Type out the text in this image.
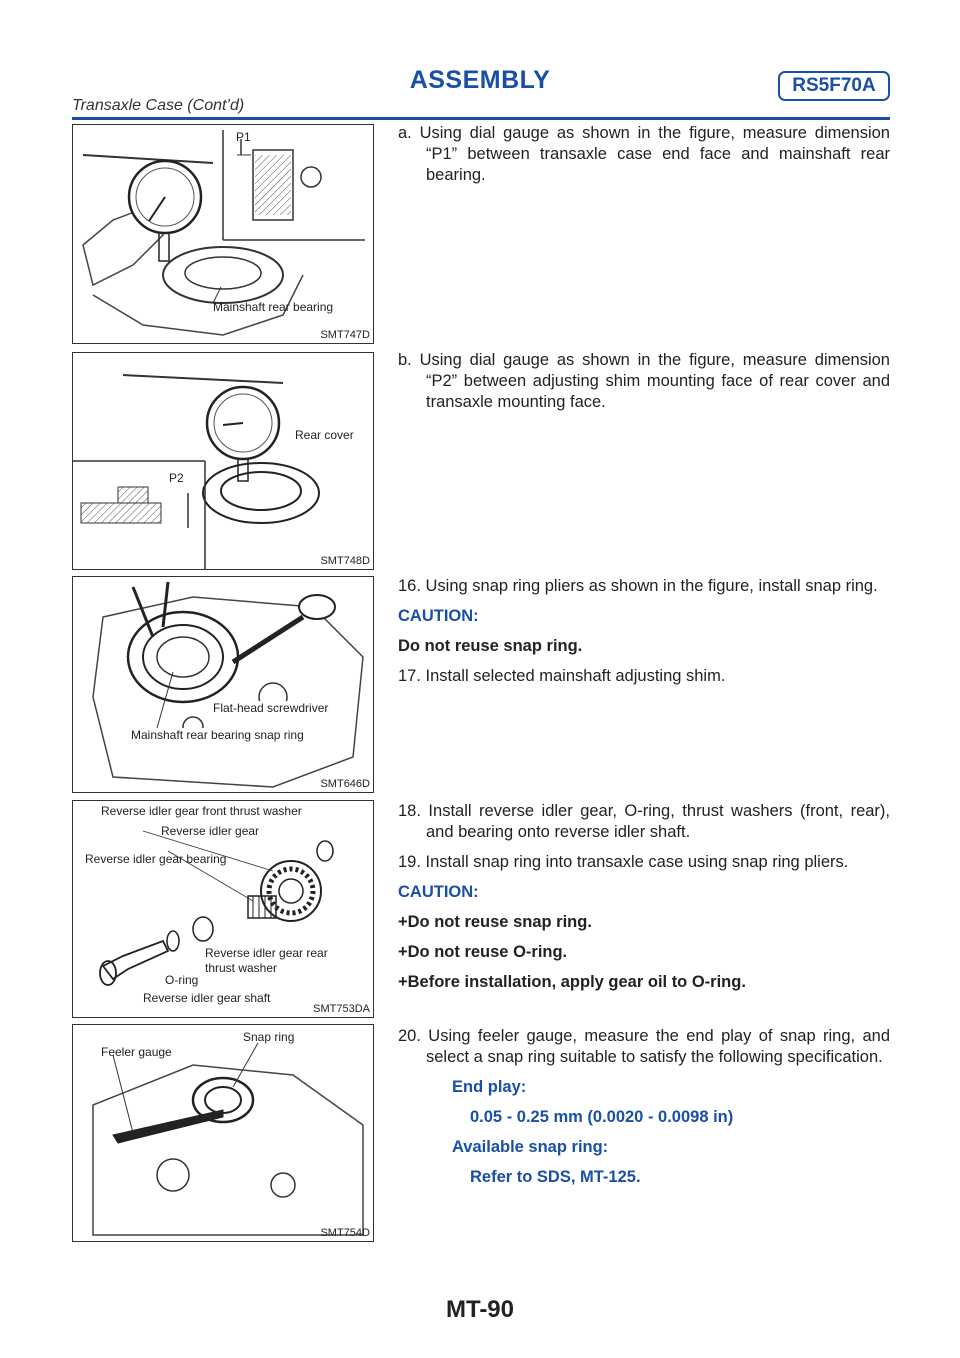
ASSEMBLY	RS5F70A
Transaxle Case (Cont’d)
P1
Mainshaft rear bearing
SMT747D
Rear cover
P2
SMT748D
Flat-head screwdriver
Mainshaft rear bearing snap ring
SMT646D
Reverse idler gear front thrust washer
Reverse idler gear
Reverse idler gear bearing
Reverse idler gear rear
thrust washer
O-ring
Reverse idler gear shaft
SMT753DA
Snap ring
Feeler gauge
SMT754D

a. Using dial gauge as shown in the figure, measure dimension “P1” between transaxle case end face and mainshaft rear bearing.

b. Using dial gauge as shown in the figure, measure dimension “P2” between adjusting shim mounting face of rear cover and transaxle mounting face.

16. Using snap ring pliers as shown in the figure, install snap ring.

CAUTION:

Do not reuse snap ring.

17. Install selected mainshaft adjusting shim.

18. Install reverse idler gear, O-ring, thrust washers (front, rear), and bearing onto reverse idler shaft.

19. Install snap ring into transaxle case using snap ring pliers.

CAUTION:

+Do not reuse snap ring.

+Do not reuse O-ring.

+Before installation, apply gear oil to O-ring.

20. Using feeler gauge, measure the end play of snap ring, and select a snap ring suitable to satisfy the following specification.

End play:

0.05 - 0.25 mm (0.0020 - 0.0098 in)

Available snap ring:

Refer to SDS, MT-125.

MT-90
